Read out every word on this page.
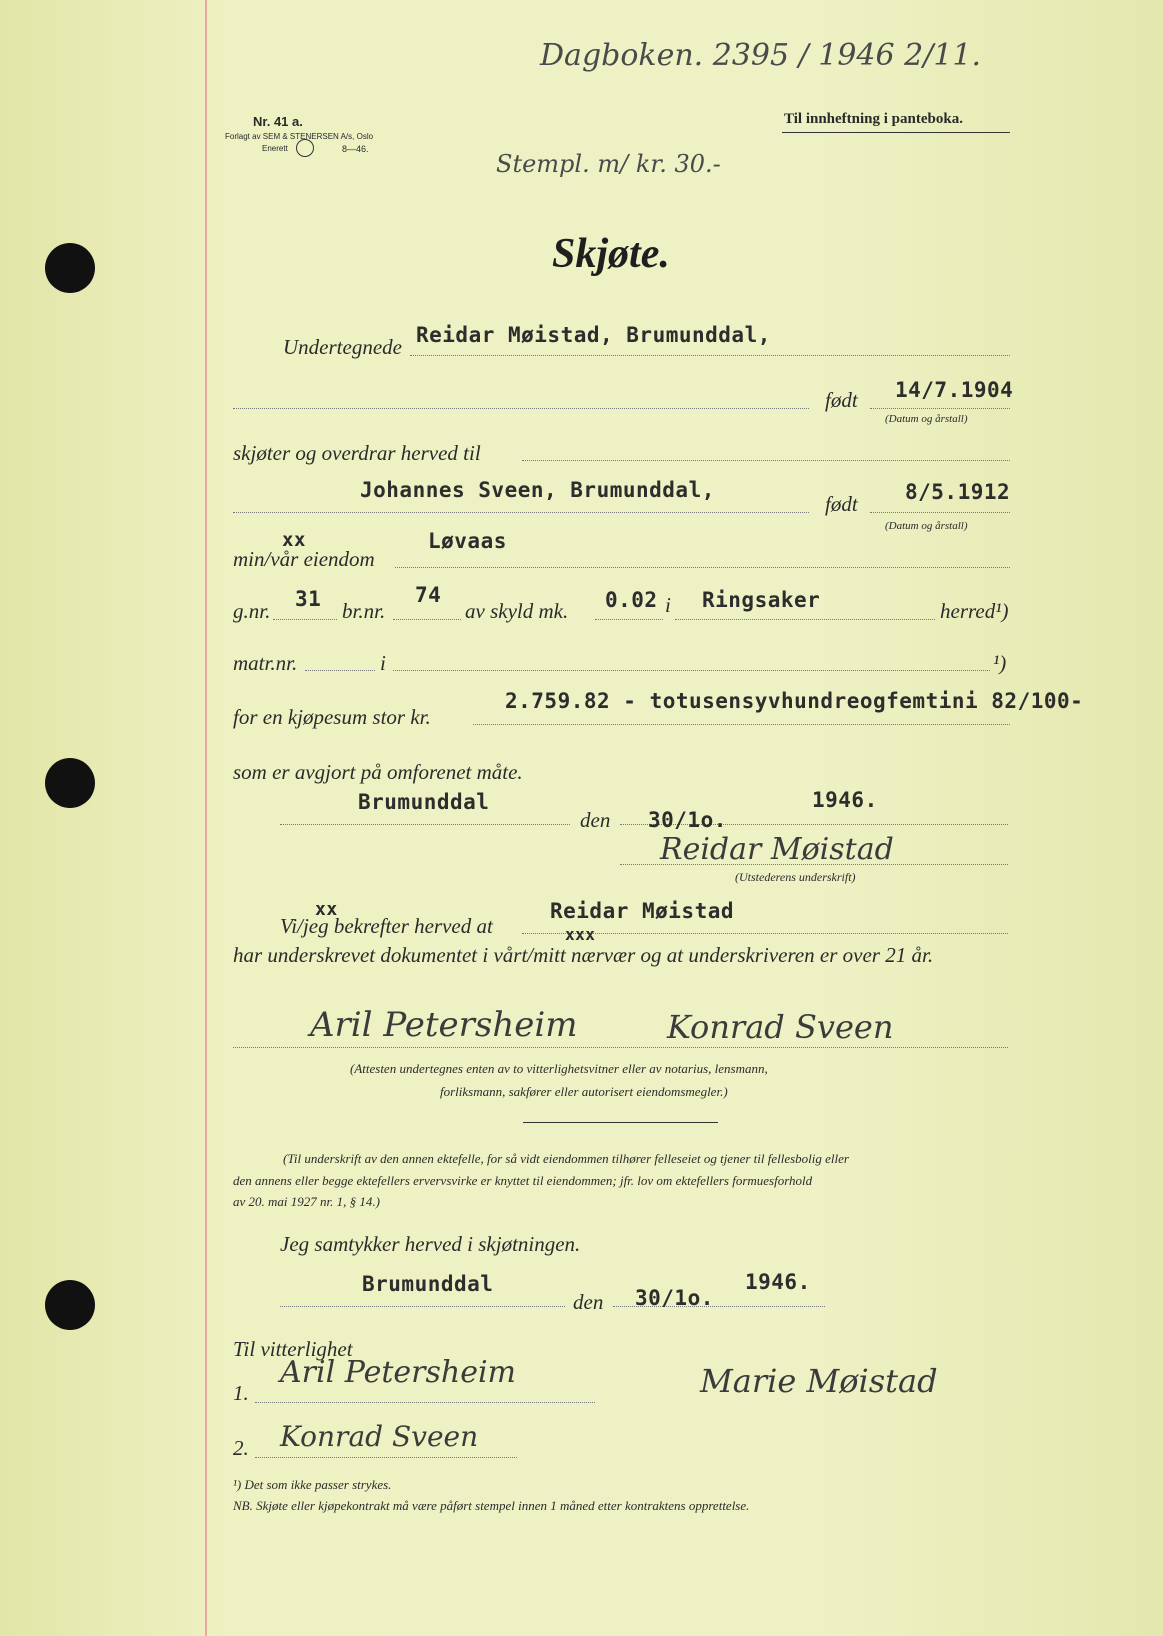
Dagboken. 2395 / 1946 2/11.
Nr. 41 a.
Forlagt av SEM & STENERSEN A/s, Oslo
Enerett	8—46.
Til innheftning i panteboka.
Stempl. m/ kr. 30.-
Skjøte.
Undertegnede Reidar Møistad, Brumunddal,
født 14/7.1904
(Datum og årstall)
skjøter og overdrar herved til
Johannes Sveen, Brumunddal,
født 8/5.1912
(Datum og årstall)
xx
min/vår eiendom
Løvaas
g.nr. 31 br.nr.
74
av skyld mk. 0.02 i Ringsaker	herred¹)
matr.nr.	i	¹)
for en kjøpesum stor kr.
2.759.82 - totusensyvhundreogfemtini 82/100-
som er avgjort på omforenet måte.
Brumunddal
den 30/1o.
1946.
Reidar Møistad
(Utstederens underskrift)
xx
Vi/jeg bekrefter herved at
Reidar Møistad
xxx
har underskrevet dokumentet i vårt/mitt nærvær og at underskriveren er over 21 år.
Aril Petersheim	Konrad Sveen
(Attesten undertegnes enten av to vitterlighetsvitner eller av notarius, lensmann,
forliksmann, sakfører eller autorisert eiendomsmegler.)
(Til underskrift av den annen ektefelle, for så vidt eiendommen tilhører felleseiet og tjener til fellesbolig eller
den annens eller begge ektefellers ervervsvirke er knyttet til eiendommen; jfr. lov om ektefellers formuesforhold
av 20. mai 1927 nr. 1, § 14.)
Jeg samtykker herved i skjøtningen.
Brumunddal
den 30/1o.
1946.
Til vitterlighet
1.
Aril Petersheim	Marie Møistad
2. Konrad Sveen
¹) Det som ikke passer strykes.
NB. Skjøte eller kjøpekontrakt må være påført stempel innen 1 måned etter kontraktens opprettelse.
